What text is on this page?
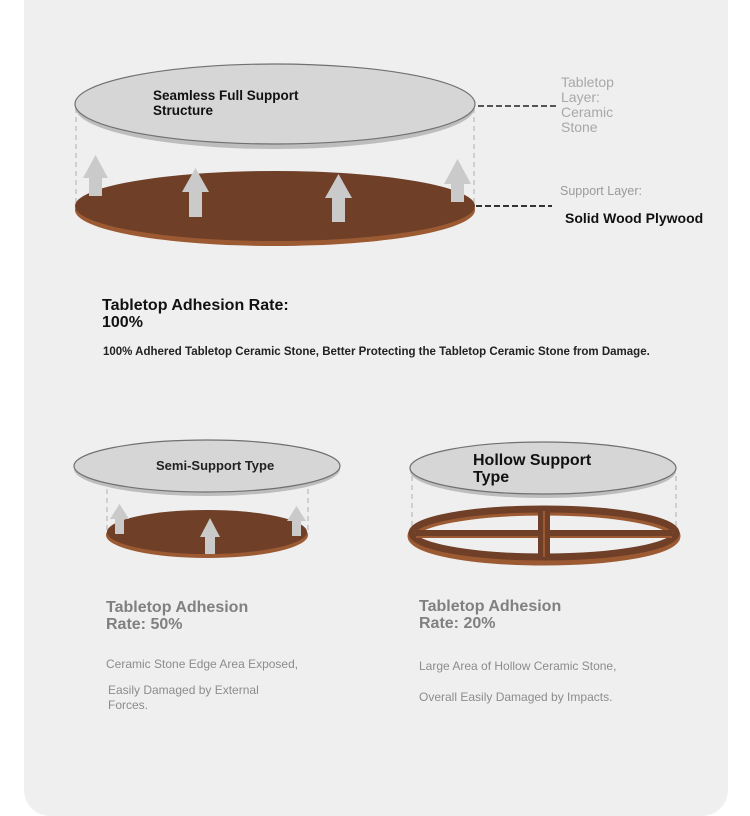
Seamless Full Support Structure
Tabletop Layer: Ceramic Stone
Support Layer:
Solid Wood Plywood
Tabletop Adhesion Rate: 100%
100% Adhered Tabletop Ceramic Stone, Better Protecting the Tabletop Ceramic Stone from Damage.
Semi-Support Type
Tabletop Adhesion Rate: 50%
Ceramic Stone Edge Area Exposed,
Easily Damaged by External Forces.
Hollow Support Type
Tabletop Adhesion Rate: 20%
Large Area of Hollow Ceramic Stone,
Overall Easily Damaged by Impacts.
